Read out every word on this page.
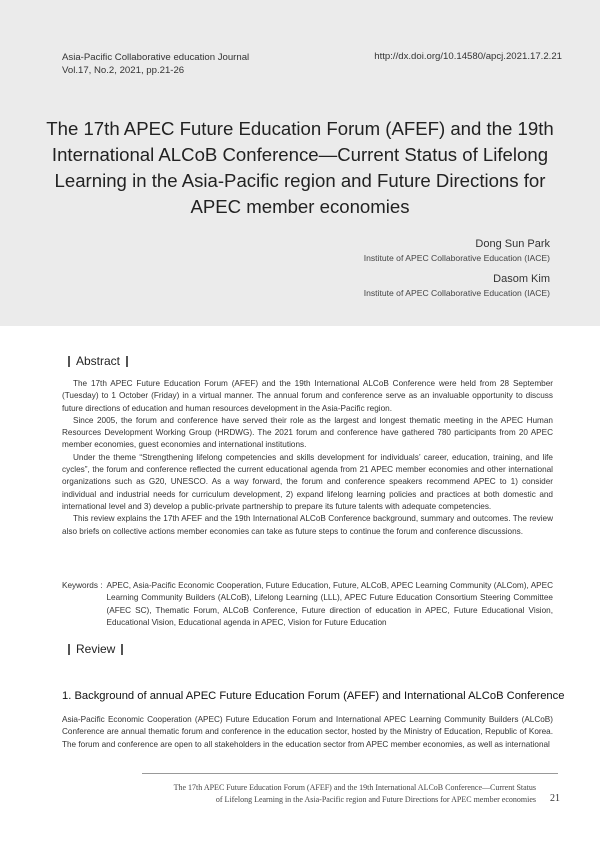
Asia-Pacific Collaborative education Journal
Vol.17, No.2, 2021, pp.21-26
http://dx.doi.org/10.14580/apcj.2021.17.2.21
The 17th APEC Future Education Forum (AFEF) and the 19th International ALCoB Conference—Current Status of Lifelong Learning in the Asia-Pacific region and Future Directions for APEC member economies
Dong Sun Park
Institute of APEC Collaborative Education (IACE)
Dasom Kim
Institute of APEC Collaborative Education (IACE)
Abstract

The 17th APEC Future Education Forum (AFEF) and the 19th International ALCoB Conference were held from 28 September (Tuesday) to 1 October (Friday) in a virtual manner. The annual forum and conference serve as an invaluable opportunity to discuss future directions of education and human resources development in the Asia-Pacific region.

Since 2005, the forum and conference have served their role as the largest and longest thematic meeting in the APEC Human Resources Development Working Group (HRDWG). The 2021 forum and conference have gathered 780 participants from 20 APEC member economies, guest economies and international institutions.

Under the theme “Strengthening lifelong competencies and skills development for individuals’ career, education, training, and life cycles”, the forum and conference reflected the current educational agenda from 21 APEC member economies and other international organizations such as G20, UNESCO. As a way forward, the forum and conference speakers recommend APEC to 1) consider individual and industrial needs for curriculum development, 2) expand lifelong learning policies and practices at both domestic and international level and 3) develop a public-private partnership to prepare its future talents with adequate competencies.

This review explains the 17th AFEF and the 19th International ALCoB Conference background, summary and outcomes. The review also briefs on collective actions member economies can take as future steps to continue the forum and conference discussions.

Keywords : APEC, Asia-Pacific Economic Cooperation, Future Education, Future, ALCoB, APEC Learning Community (ALCom), APEC Learning Community Builders (ALCoB), Lifelong Learning (LLL), APEC Future Education Consortium Steering Committee (AFEC SC), Thematic Forum, ALCoB Conference, Future direction of education in APEC, Future Educational Vision, Educational Vision, Educational agenda in APEC, Vision for Future Education
Review
1. Background of annual APEC Future Education Forum (AFEF) and International ALCoB Conference

Asia-Pacific Economic Cooperation (APEC) Future Education Forum and International APEC Learning Community Builders (ALCoB) Conference are annual thematic forum and conference in the education sector, hosted by the Ministry of Education, Republic of Korea. The forum and conference are open to all stakeholders in the education sector from APEC member economies, as well as international

The 17th APEC Future Education Forum (AFEF) and the 19th International ALCoB Conference—Current Status
of Lifelong Learning in the Asia-Pacific region and Future Directions for APEC member economies 21
